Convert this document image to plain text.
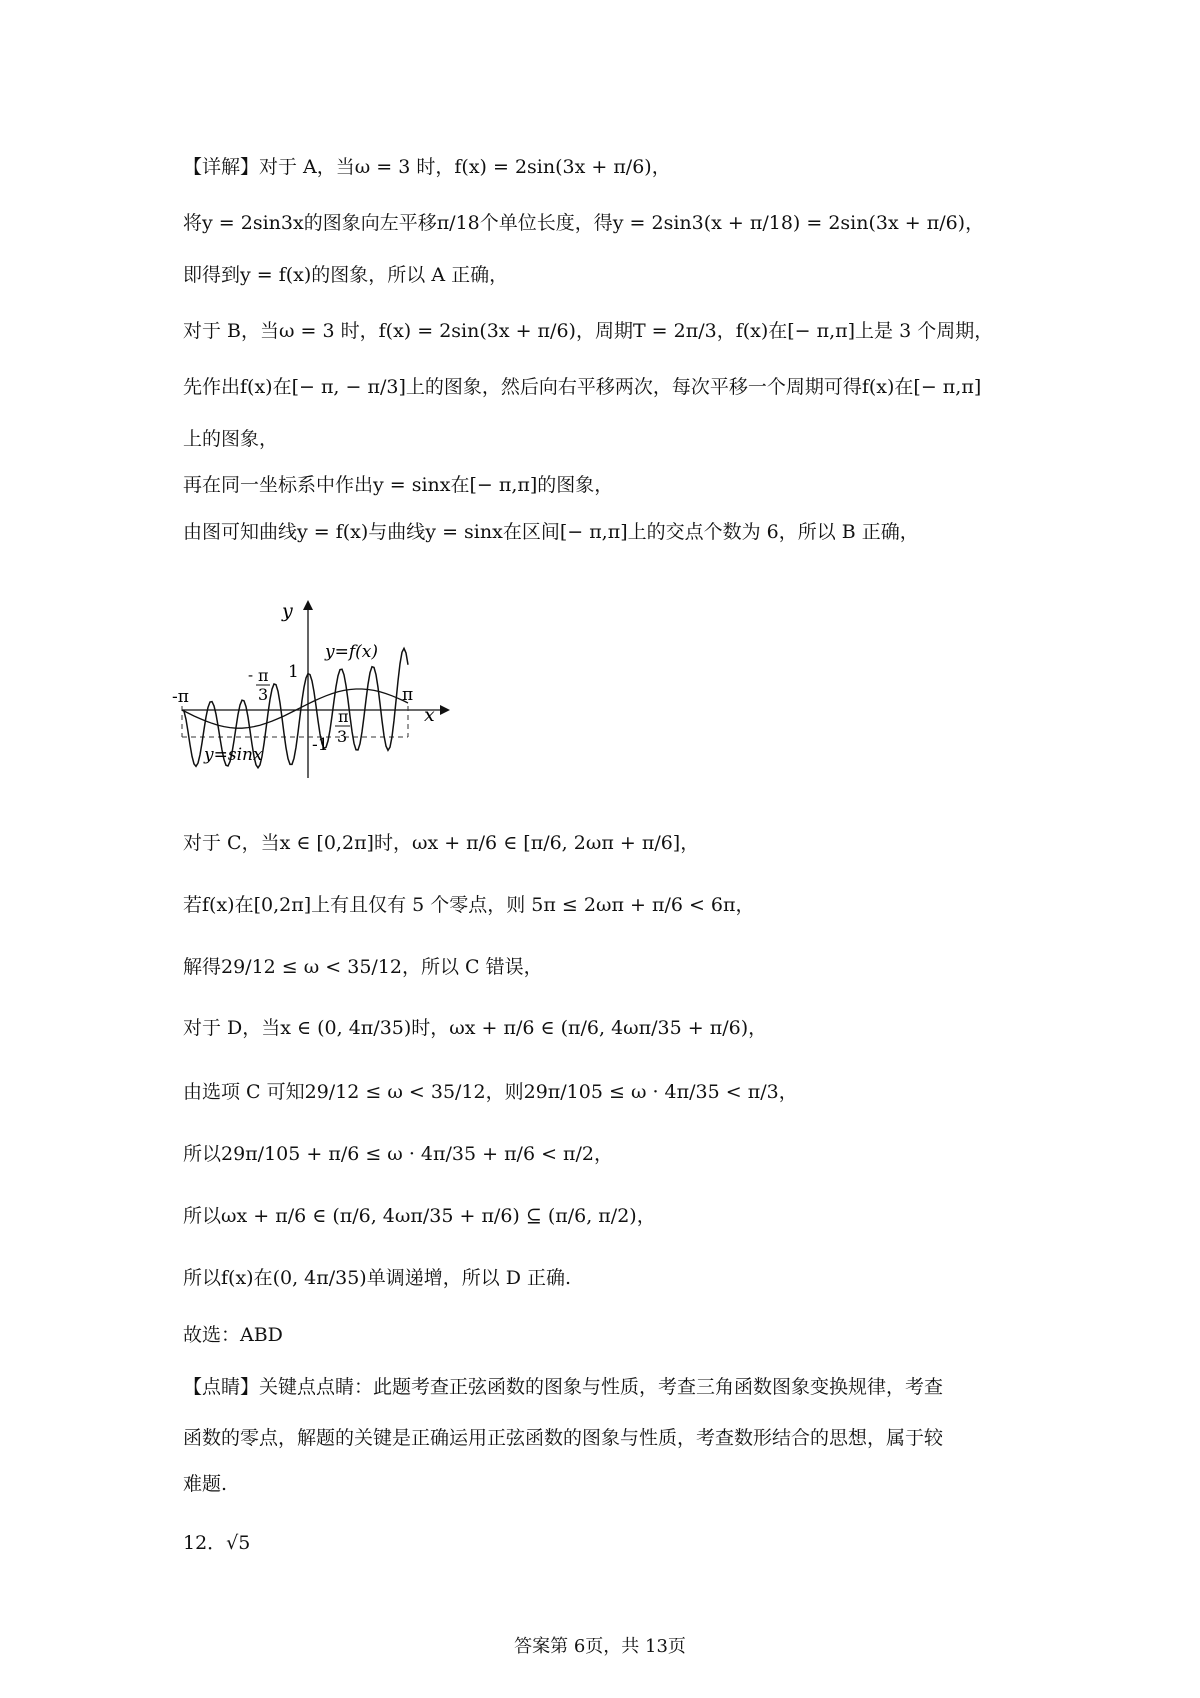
【详解】对于 A，当ω = 3 时，f(x) = 2sin(3x + π/6)，
将y = 2sin3x的图象向左平移π/18个单位长度，得y = 2sin3(x + π/18) = 2sin(3x + π/6)，
即得到y = f(x)的图象，所以 A 正确，
对于 B，当ω = 3 时，f(x) = 2sin(3x + π/6)，周期T = 2π/3，f(x)在[− π,π]上是 3 个周期，
先作出f(x)在[− π, − π/3]上的图象，然后向右平移两次，每次平移一个周期可得f(x)在[− π,π]
上的图象，
再在同一坐标系中作出y = sinx在[− π,π]的图象，
由图可知曲线y = f(x)与曲线y = sinx在区间[− π,π]上的交点个数为 6，所以 B 正确，
y
x
-π	π
1
-1
- π
3
π
3
y=f(x)
y=sinx
对于 C，当x ∈ [0,2π]时，ωx + π/6 ∈ [π/6, 2ωπ + π/6]，
若f(x)在[0,2π]上有且仅有 5 个零点，则 5π ≤ 2ωπ + π/6 < 6π，
解得29/12 ≤ ω < 35/12，所以 C 错误，
对于 D，当x ∈ (0, 4π/35)时，ωx + π/6 ∈ (π/6, 4ωπ/35 + π/6)，
由选项 C 可知29/12 ≤ ω < 35/12，则29π/105 ≤ ω · 4π/35 < π/3，
所以29π/105 + π/6 ≤ ω · 4π/35 + π/6 < π/2，
所以ωx + π/6 ∈ (π/6, 4ωπ/35 + π/6) ⊆ (π/6, π/2)，
所以f(x)在(0, 4π/35)单调递增，所以 D 正确.
故选：ABD
【点睛】关键点点睛：此题考查正弦函数的图象与性质，考查三角函数图象变换规律，考查
函数的零点，解题的关键是正确运用正弦函数的图象与性质，考查数形结合的思想，属于较
难题.
12．√5
答案第 6页，共 13页
